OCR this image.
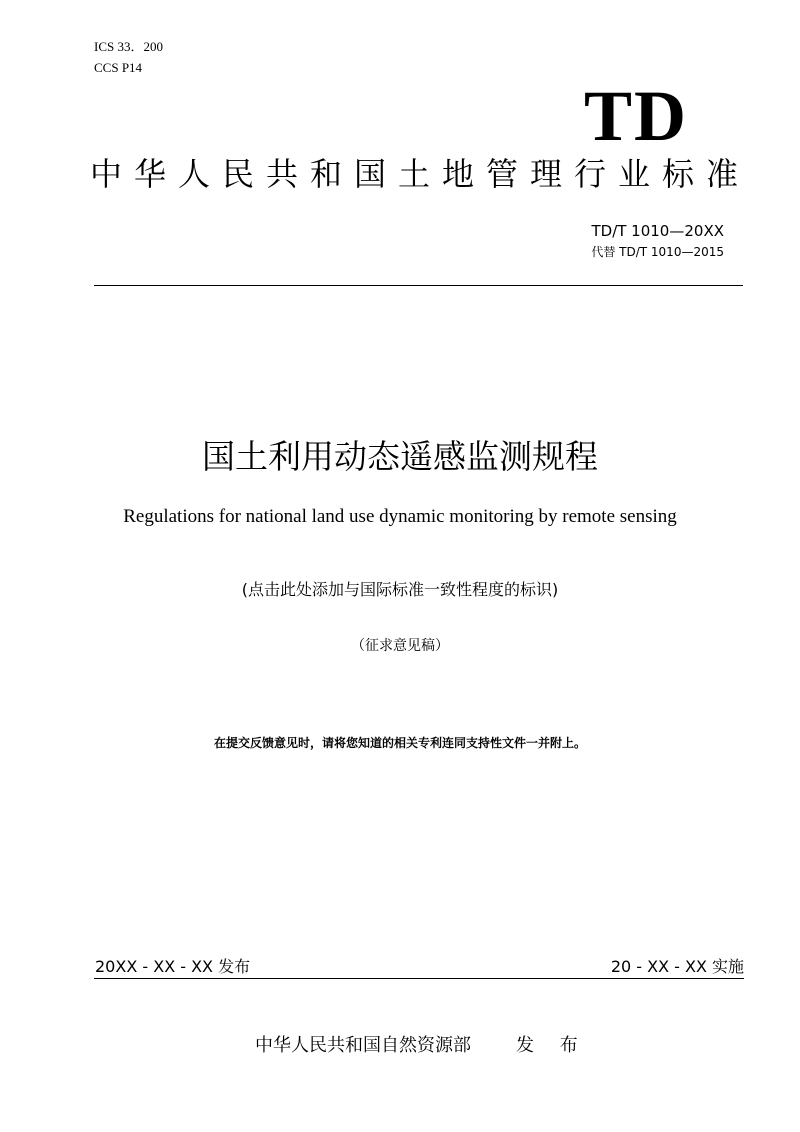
ICS 33．200
CCS P14
TD
中华人民共和国土地管理行业标准
TD/T 1010—20XX
代替 TD/T 1010—2015
国土利用动态遥感监测规程
Regulations for national land use dynamic monitoring by remote sensing
(点击此处添加与国际标准一致性程度的标识)
（征求意见稿）
在提交反馈意见时，请将您知道的相关专利连同支持性文件一并附上。
20XX - XX - XX 发布	20 - XX - XX 实施
中华人民共和国自然资源部	发 布
